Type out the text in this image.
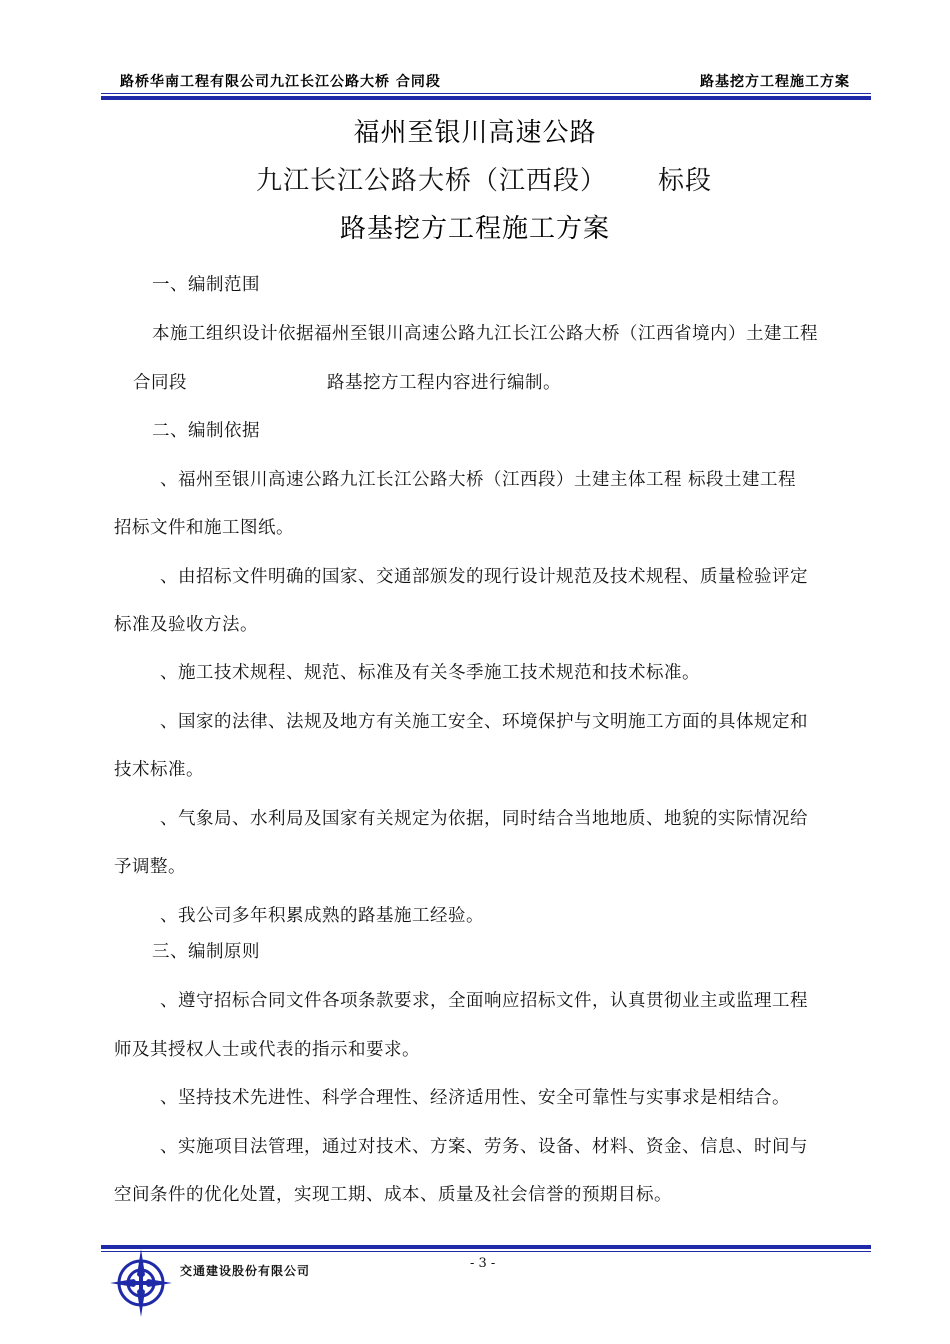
路桥华南工程有限公司九江长江公路大桥 合同段	路基挖方工程施工方案
福州至银川高速公路
九江长江公路大桥（江西段） 标段
路基挖方工程施工方案
一、编制范围
本施工组织设计依据福州至银川高速公路九江长江公路大桥（江西省境内）土建工程
合同段	路基挖方工程内容进行编制。
二、编制依据
、福州至银川高速公路九江长江公路大桥（江西段）土建主体工程 标段土建工程
招标文件和施工图纸。
、由招标文件明确的国家、交通部颁发的现行设计规范及技术规程、质量检验评定
标准及验收方法。
、施工技术规程、规范、标准及有关冬季施工技术规范和技术标准。
、国家的法律、法规及地方有关施工安全、环境保护与文明施工方面的具体规定和
技术标准。
、气象局、水利局及国家有关规定为依据，同时结合当地地质、地貌的实际情况给
予调整。
、我公司多年积累成熟的路基施工经验。
三、编制原则
、遵守招标合同文件各项条款要求，全面响应招标文件，认真贯彻业主或监理工程
师及其授权人士或代表的指示和要求。
、坚持技术先进性、科学合理性、经济适用性、安全可靠性与实事求是相结合。
、实施项目法管理，通过对技术、方案、劳务、设备、材料、资金、信息、时间与
空间条件的优化处置，实现工期、成本、质量及社会信誉的预期目标。
交通建设股份有限公司	- 3 -
